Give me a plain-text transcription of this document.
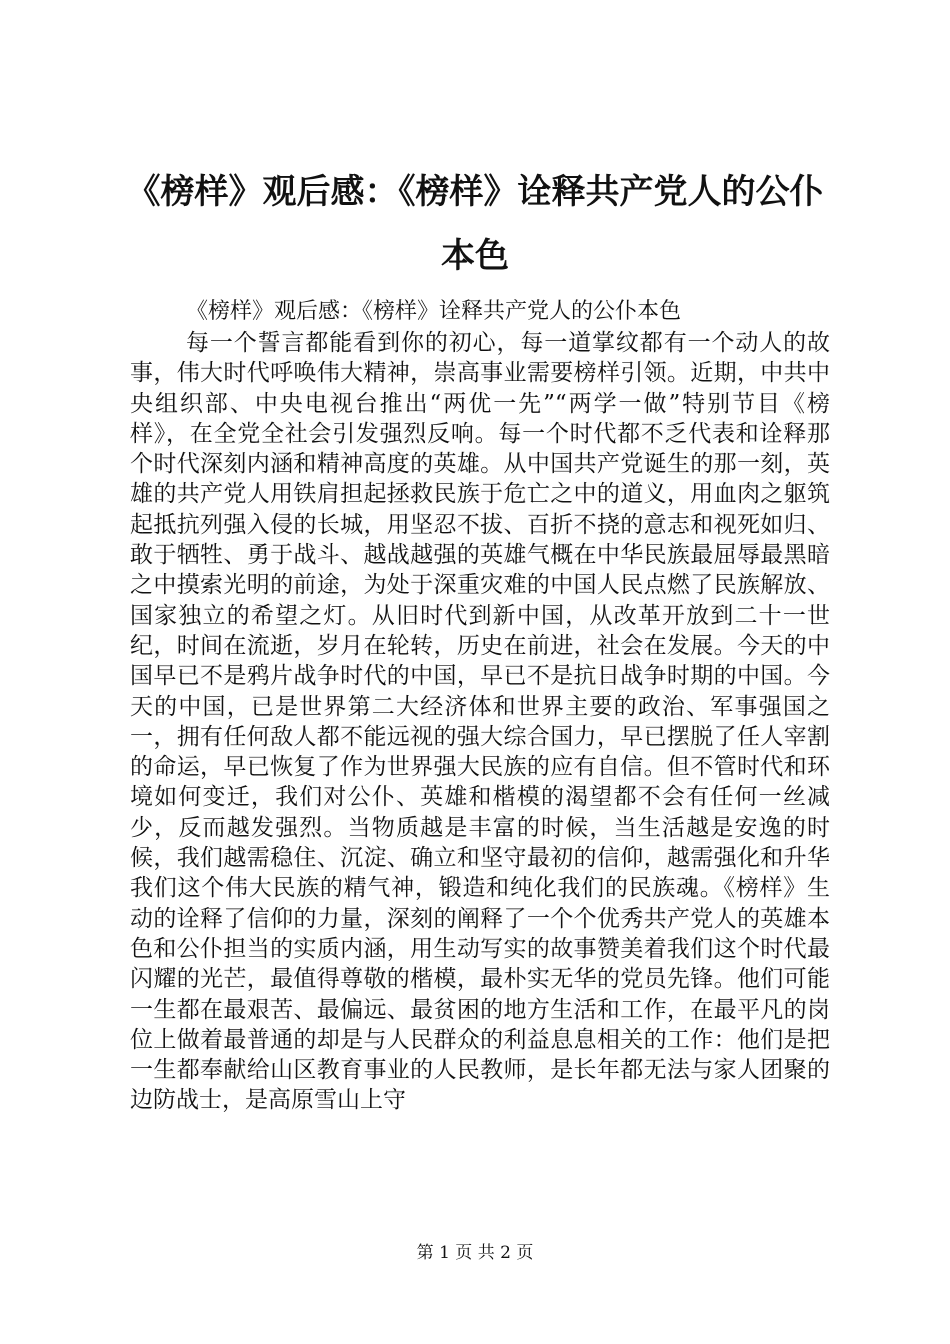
《榜样》观后感：《榜样》诠释共产党人的公仆本色
《榜样》观后感：《榜样》诠释共产党人的公仆本色
每一个誓言都能看到你的初心，每一道掌纹都有一个动人的故事，伟大时代呼唤伟大精神，崇高事业需要榜样引领。近期，中共中央组织部、中央电视台推出“两优一先”“两学一做”特别节目《榜样》，在全党全社会引发强烈反响。每一个时代都不乏代表和诠释那个时代深刻内涵和精神高度的英雄。从中国共产党诞生的那一刻，英雄的共产党人用铁肩担起拯救民族于危亡之中的道义，用血肉之躯筑起抵抗列强入侵的长城，用坚忍不拔、百折不挠的意志和视死如归、敢于牺牲、勇于战斗、越战越强的英雄气概在中华民族最屈辱最黑暗之中摸索光明的前途，为处于深重灾难的中国人民点燃了民族解放、国家独立的希望之灯。从旧时代到新中国，从改革开放到二十一世纪，时间在流逝，岁月在轮转，历史在前进，社会在发展。今天的中国早已不是鸦片战争时代的中国，早已不是抗日战争时期的中国。今天的中国，已是世界第二大经济体和世界主要的政治、军事强国之一，拥有任何敌人都不能远视的强大综合国力，早已摆脱了任人宰割的命运，早已恢复了作为世界强大民族的应有自信。但不管时代和环境如何变迁，我们对公仆、英雄和楷模的渴望都不会有任何一丝减少，反而越发强烈。当物质越是丰富的时候，当生活越是安逸的时候，我们越需稳住、沉淀、确立和坚守最初的信仰，越需强化和升华我们这个伟大民族的精气神，锻造和纯化我们的民族魂。《榜样》生动的诠释了信仰的力量，深刻的阐释了一个个优秀共产党人的英雄本色和公仆担当的实质内涵，用生动写实的故事赞美着我们这个时代最闪耀的光芒，最值得尊敬的楷模，最朴实无华的党员先锋。他们可能一生都在最艰苦、最偏远、最贫困的地方生活和工作，在最平凡的岗位上做着最普通的却是与人民群众的利益息息相关的工作：他们是把一生都奉献给山区教育事业的人民教师，是长年都无法与家人团聚的边防战士，是高原雪山上守
第 1 页 共 2 页
